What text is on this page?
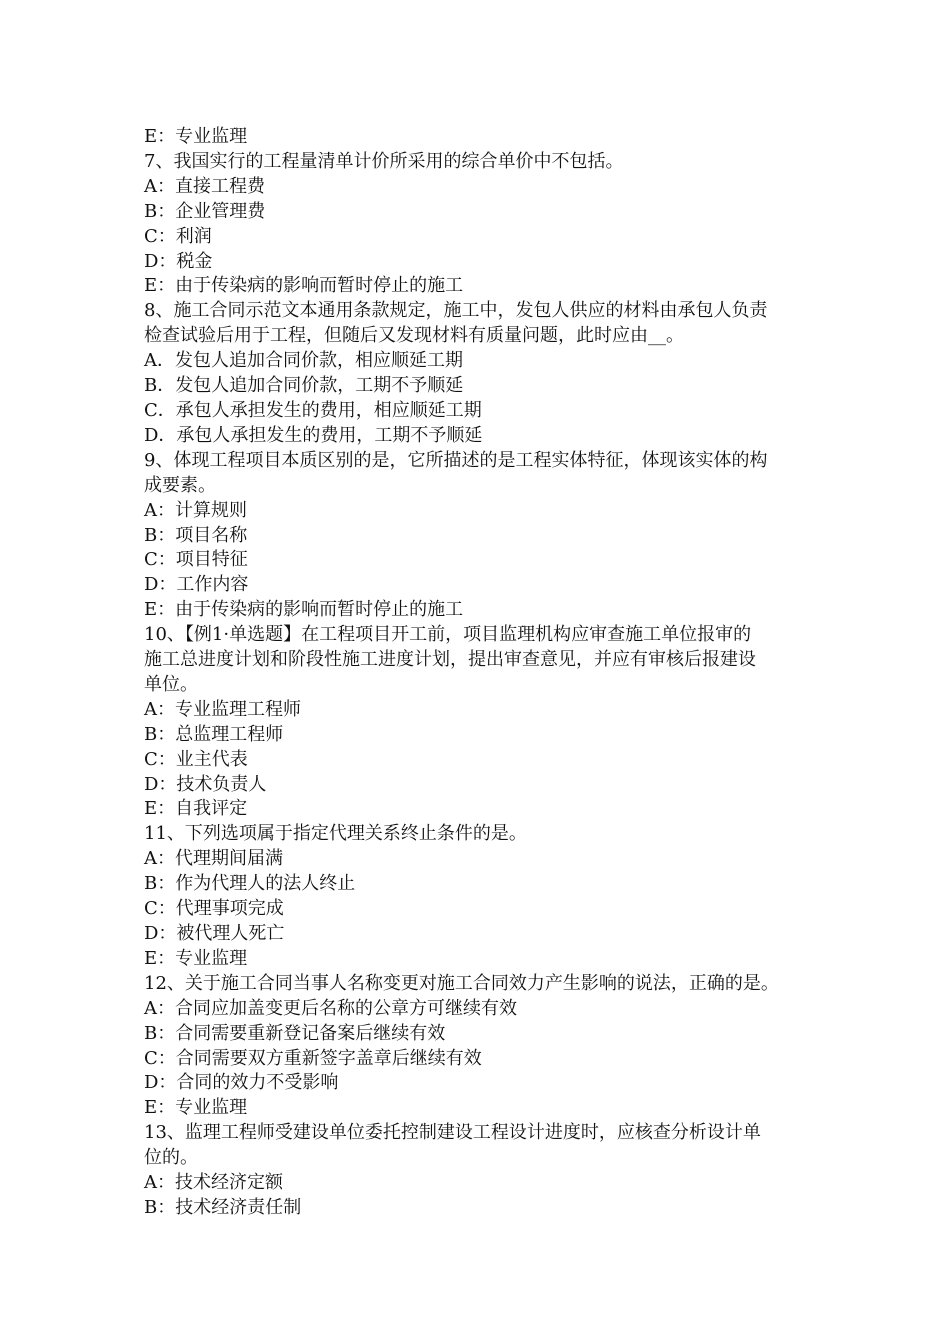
E：专业监理

7、我国实行的工程量清单计价所采用的综合单价中不包括。

A：直接工程费

B：企业管理费

C：利润

D：税金

E：由于传染病的影响而暂时停止的施工

8、施工合同示范文本通用条款规定，施工中，发包人供应的材料由承包人负责

检查试验后用于工程，但随后又发现材料有质量问题，此时应由__。

A．发包人追加合同价款，相应顺延工期

B．发包人追加合同价款，工期不予顺延

C．承包人承担发生的费用，相应顺延工期

D．承包人承担发生的费用，工期不予顺延

9、体现工程项目本质区别的是，它所描述的是工程实体特征，体现该实体的构

成要素。

A：计算规则

B：项目名称

C：项目特征

D：工作内容

E：由于传染病的影响而暂时停止的施工

10、【例1·单选题】在工程项目开工前，项目监理机构应审查施工单位报审的

施工总进度计划和阶段性施工进度计划，提出审查意见，并应有审核后报建设

单位。

A：专业监理工程师

B：总监理工程师

C：业主代表

D：技术负责人

E：自我评定

11、下列选项属于指定代理关系终止条件的是。

A：代理期间届满

B：作为代理人的法人终止

C：代理事项完成

D：被代理人死亡

E：专业监理

12、关于施工合同当事人名称变更对施工合同效力产生影响的说法，正确的是。

A：合同应加盖变更后名称的公章方可继续有效

B：合同需要重新登记备案后继续有效

C：合同需要双方重新签字盖章后继续有效

D：合同的效力不受影响

E：专业监理

13、监理工程师受建设单位委托控制建设工程设计进度时，应核查分析设计单

位的。

A：技术经济定额

B：技术经济责任制
